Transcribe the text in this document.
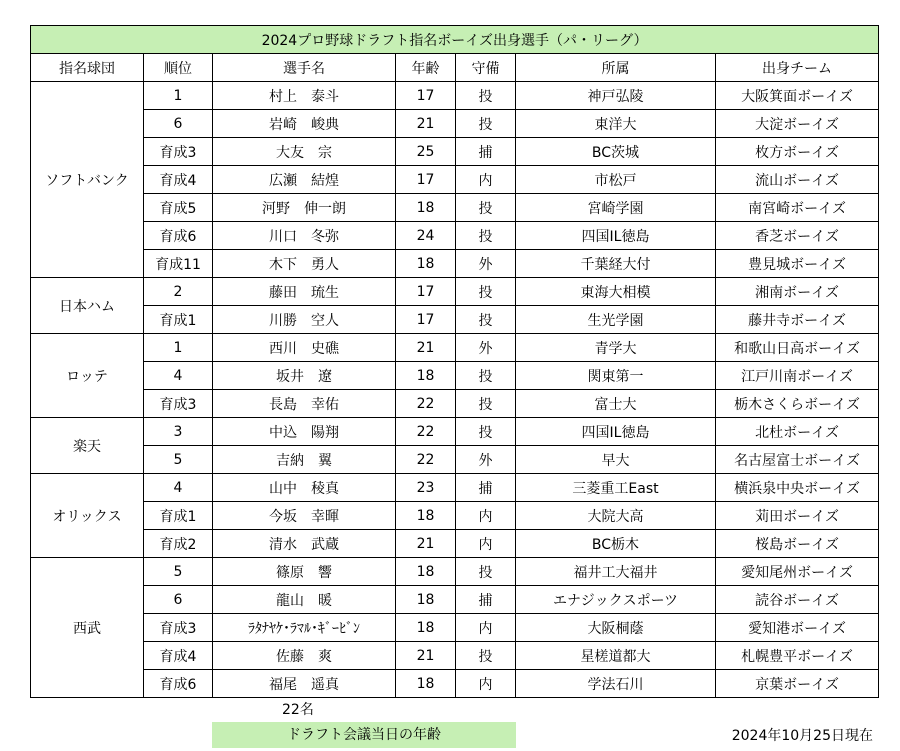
2024プロ野球ドラフト指名ボーイズ出身選手（パ・リーグ）						
指名球団	順位	選手名	年齢	守備	所属	出身チーム
ソフトバンク	1	村上　泰斗	17	投	神戸弘陵	大阪箕面ボーイズ
	6	岩崎　峻典	21	投	東洋大	大淀ボーイズ
	育成3	大友　宗	25	捕	BC茨城	枚方ボーイズ
	育成4	広瀬　結煌	17	内	市松戸	流山ボーイズ
	育成5	河野　伸一朗	18	投	宮崎学園	南宮崎ボーイズ
	育成6	川口　冬弥	24	投	四国IL徳島	香芝ボーイズ
	育成11	木下　勇人	18	外	千葉経大付	豊見城ボーイズ
日本ハム	2	藤田　琉生	17	投	東海大相模	湘南ボーイズ
	育成1	川勝　空人	17	投	生光学園	藤井寺ボーイズ
ロッテ	1	西川　史礁	21	外	青学大	和歌山日高ボーイズ
	4	坂井　遼	18	投	関東第一	江戸川南ボーイズ
	育成3	長島　幸佑	22	投	富士大	栃木さくらボーイズ
楽天	3	中込　陽翔	22	投	四国IL徳島	北杜ボーイズ
	5	吉納　翼	22	外	早大	名古屋富士ボーイズ
オリックス	4	山中　稜真	23	捕	三菱重工East	横浜泉中央ボーイズ
	育成1	今坂　幸暉	18	内	大院大高	苅田ボーイズ
	育成2	清水　武蔵	21	内	BC栃木	桜島ボーイズ
西武	5	篠原　響	18	投	福井工大福井	愛知尾州ボーイズ
	6	龍山　暖	18	捕	エナジックスポーツ	読谷ボーイズ
	育成3	ﾗﾀﾅﾔｹ･ﾗﾏﾙ･ｷﾞｰﾋﾞﾝ	18	内	大阪桐蔭	愛知港ボーイズ
	育成4	佐藤　爽	21	投	星槎道都大	札幌豊平ボーイズ
	育成6	福尾　遥真	18	内	学法石川	京葉ボーイズ
22名
ドラフト会議当日の年齢	2024年10月25日現在
